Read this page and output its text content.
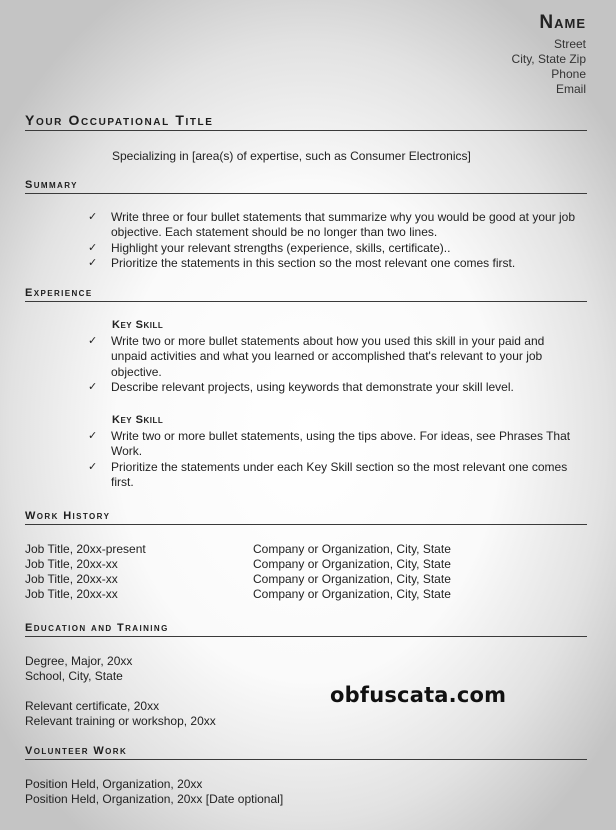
Name
Street
City, State Zip
Phone
Email
Your Occupational Title
Specializing in [area(s) of expertise, such as Consumer Electronics]
Summary
✓ Write three or four bullet statements that summarize why you would be good at your job objective. Each statement should be no longer than two lines.
✓ Highlight your relevant strengths (experience, skills, certificate)..
✓ Prioritize the statements in this section so the most relevant one comes first.
Experience
Key Skill
✓ Write two or more bullet statements about how you used this skill in your paid and unpaid activities and what you learned or accomplished that's relevant to your job objective.
✓ Describe relevant projects, using keywords that demonstrate your skill level.
Key Skill
✓ Write two or more bullet statements, using the tips above. For ideas, see Phrases That Work.
✓ Prioritize the statements under each Key Skill section so the most relevant one comes first.
Work History
Job Title, 20xx-present	Company or Organization, City, State
Job Title, 20xx-xx	Company or Organization, City, State
Job Title, 20xx-xx	Company or Organization, City, State
Job Title, 20xx-xx	Company or Organization, City, State
Education and Training
Degree, Major, 20xx
School, City, State
Relevant certificate, 20xx
Relevant training or workshop, 20xx
obfuscata.com
Volunteer Work
Position Held, Organization, 20xx
Position Held, Organization, 20xx [Date optional]
